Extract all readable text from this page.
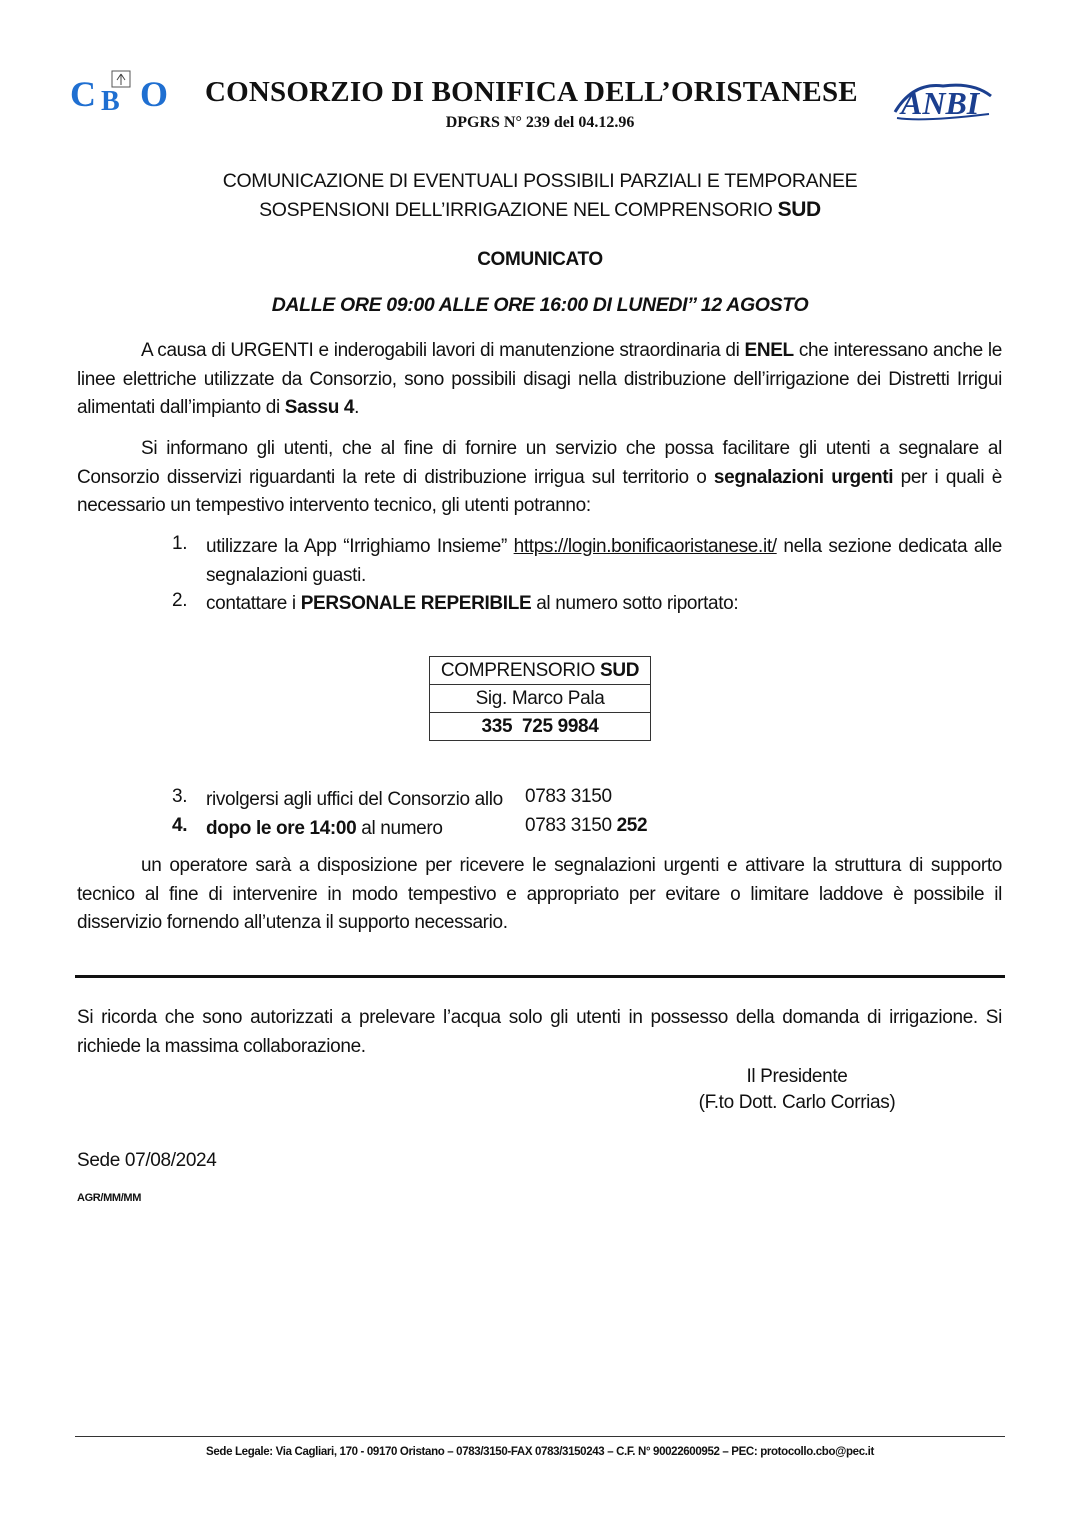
C B O CONSORZIO DI BONIFICA DELL’ORISTANESE
DPGRS N° 239 del 04.12.96
ANBI
COMUNICAZIONE DI EVENTUALI POSSIBILI PARZIALI E TEMPORANEE
SOSPENSIONI DELL’IRRIGAZIONE NEL COMPRENSORIO SUD
COMUNICATO
DALLE ORE 09:00 ALLE ORE 16:00 DI LUNEDI’’ 12 AGOSTO
A causa di URGENTI e inderogabili lavori di manutenzione straordinaria di ENEL che interessano anche le linee elettriche utilizzate da Consorzio, sono possibili disagi nella distribuzione dell’irrigazione dei Distretti Irrigui alimentati dall’impianto di Sassu 4.
Si informano gli utenti, che al fine di fornire un servizio che possa facilitare gli utenti a segnalare al Consorzio disservizi riguardanti la rete di distribuzione irrigua sul territorio o segnalazioni urgenti per i quali è necessario un tempestivo intervento tecnico, gli utenti potranno:
1. utilizzare la App “Irrighiamo Insieme” https://login.bonificaoristanese.it/ nella sezione dedicata alle segnalazioni guasti.
2. contattare i PERSONALE REPERIBILE al numero sotto riportato:
COMPRENSORIO SUD
Sig. Marco Pala
335  725 9984
3. rivolgersi agli uffici del Consorzio allo 0783 3150
4. dopo le ore 14:00 al numero	0783 3150 252
un operatore sarà a disposizione per ricevere le segnalazioni urgenti e attivare la struttura di supporto tecnico al fine di intervenire in modo tempestivo e appropriato per evitare o limitare laddove è possibile il disservizio fornendo all’utenza il supporto necessario.
Si ricorda che sono autorizzati a prelevare l’acqua solo gli utenti in possesso della domanda di irrigazione. Si richiede la massima collaborazione.
Il Presidente
(F.to Dott. Carlo Corrias)
Sede 07/08/2024
AGR/MM/MM
Sede Legale: Via Cagliari, 170 - 09170 Oristano – 0783/3150-FAX 0783/3150243 – C.F. N° 90022600952 – PEC: protocollo.cbo@pec.it
